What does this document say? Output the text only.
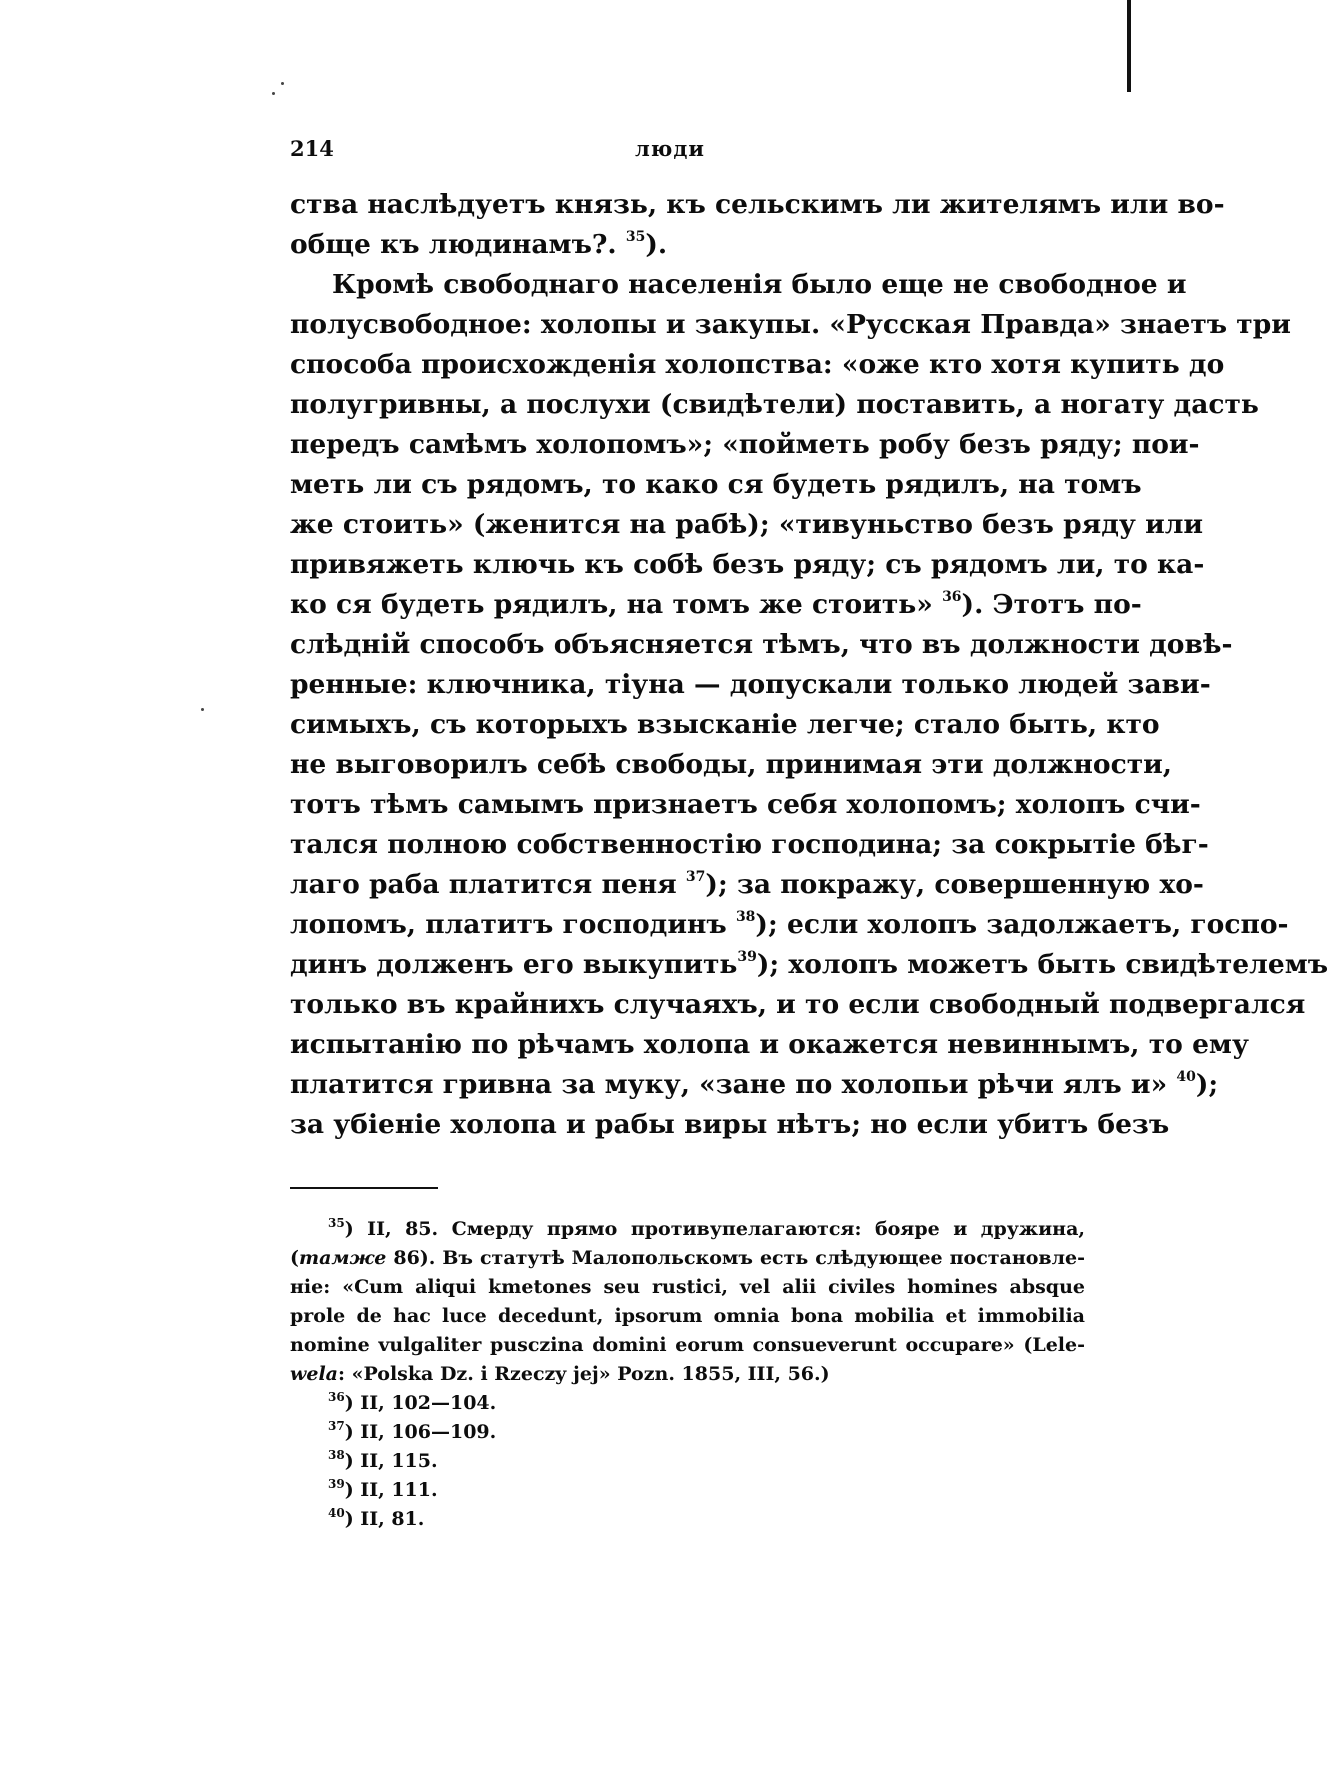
214	люди
ства наслѣдуетъ князь, къ сельскимъ ли жителямъ или во-
обще къ людинамъ?. $^{35}$).
Кромѣ свободнаго населенія было еще не свободное и
полусвободное: холопы и закупы. «Русская Правда» знаетъ три
способа происхожденія холопства: «оже кто хотя купить до
полугривны, а послухи (свидѣтели) поставить, а ногату дасть
передъ самѣмъ холопомъ»; «пойметь робу безъ ряду; пои-
меть ли съ рядомъ, то како ся будеть рядилъ, на томъ
же стоить» (женится на рабѣ); «тивуньство безъ ряду или
привяжеть ключь къ собѣ безъ ряду; съ рядомъ ли, то ка-
ко ся будеть рядилъ, на томъ же стоить» $^{36}$). Этотъ по-
слѣдній способъ объясняется тѣмъ, что въ должности довѣ-
ренные: ключника, тіуна — допускали только людей зави-
симыхъ, съ которыхъ взысканіе легче; стало быть, кто
не выговорилъ себѣ свободы, принимая эти должности,
тотъ тѣмъ самымъ признаетъ себя холопомъ; холопъ счи-
тался полною собственностію господина; за сокрытіе бѣг-
лаго раба платится пеня $^{37}$); за покражу, совершенную хо-
лопомъ, платитъ господинъ $^{38}$); если холопъ задолжаетъ, госпо-
динъ долженъ его выкупить$^{39}$); холопъ можетъ быть свидѣтелемъ
только въ крайнихъ случаяхъ, и то если свободный подвергался
испытанію по рѣчамъ холопа и окажется невиннымъ, то ему
платится гривна за муку, «зане по холопьи рѣчи ялъ и» $^{40}$);
за убіеніе холопа и рабы виры нѣтъ; но если убитъ безъ
$^{35}$) II, 85. Смерду прямо противупелагаются: бояре и дружина,
(тамже 86). Въ статутѣ Малопольскомъ есть слѣдующее постановле-
ніе: «Cum aliqui kmetones seu rustici, vel alii civiles homines absque
prole de hac luce decedunt, ipsorum omnia bona mobilia et immobilia
nomine vulgaliter pusczina domini eorum consueverunt occupare» (Lele-
wela: «Polska Dz. i Rzeczy jej» Pozn. 1855, III, 56.)
$^{36}$) II, 102—104.
$^{37}$) II, 106—109.
$^{38}$) II, 115.
$^{39}$) II, 111.
$^{40}$) II, 81.
